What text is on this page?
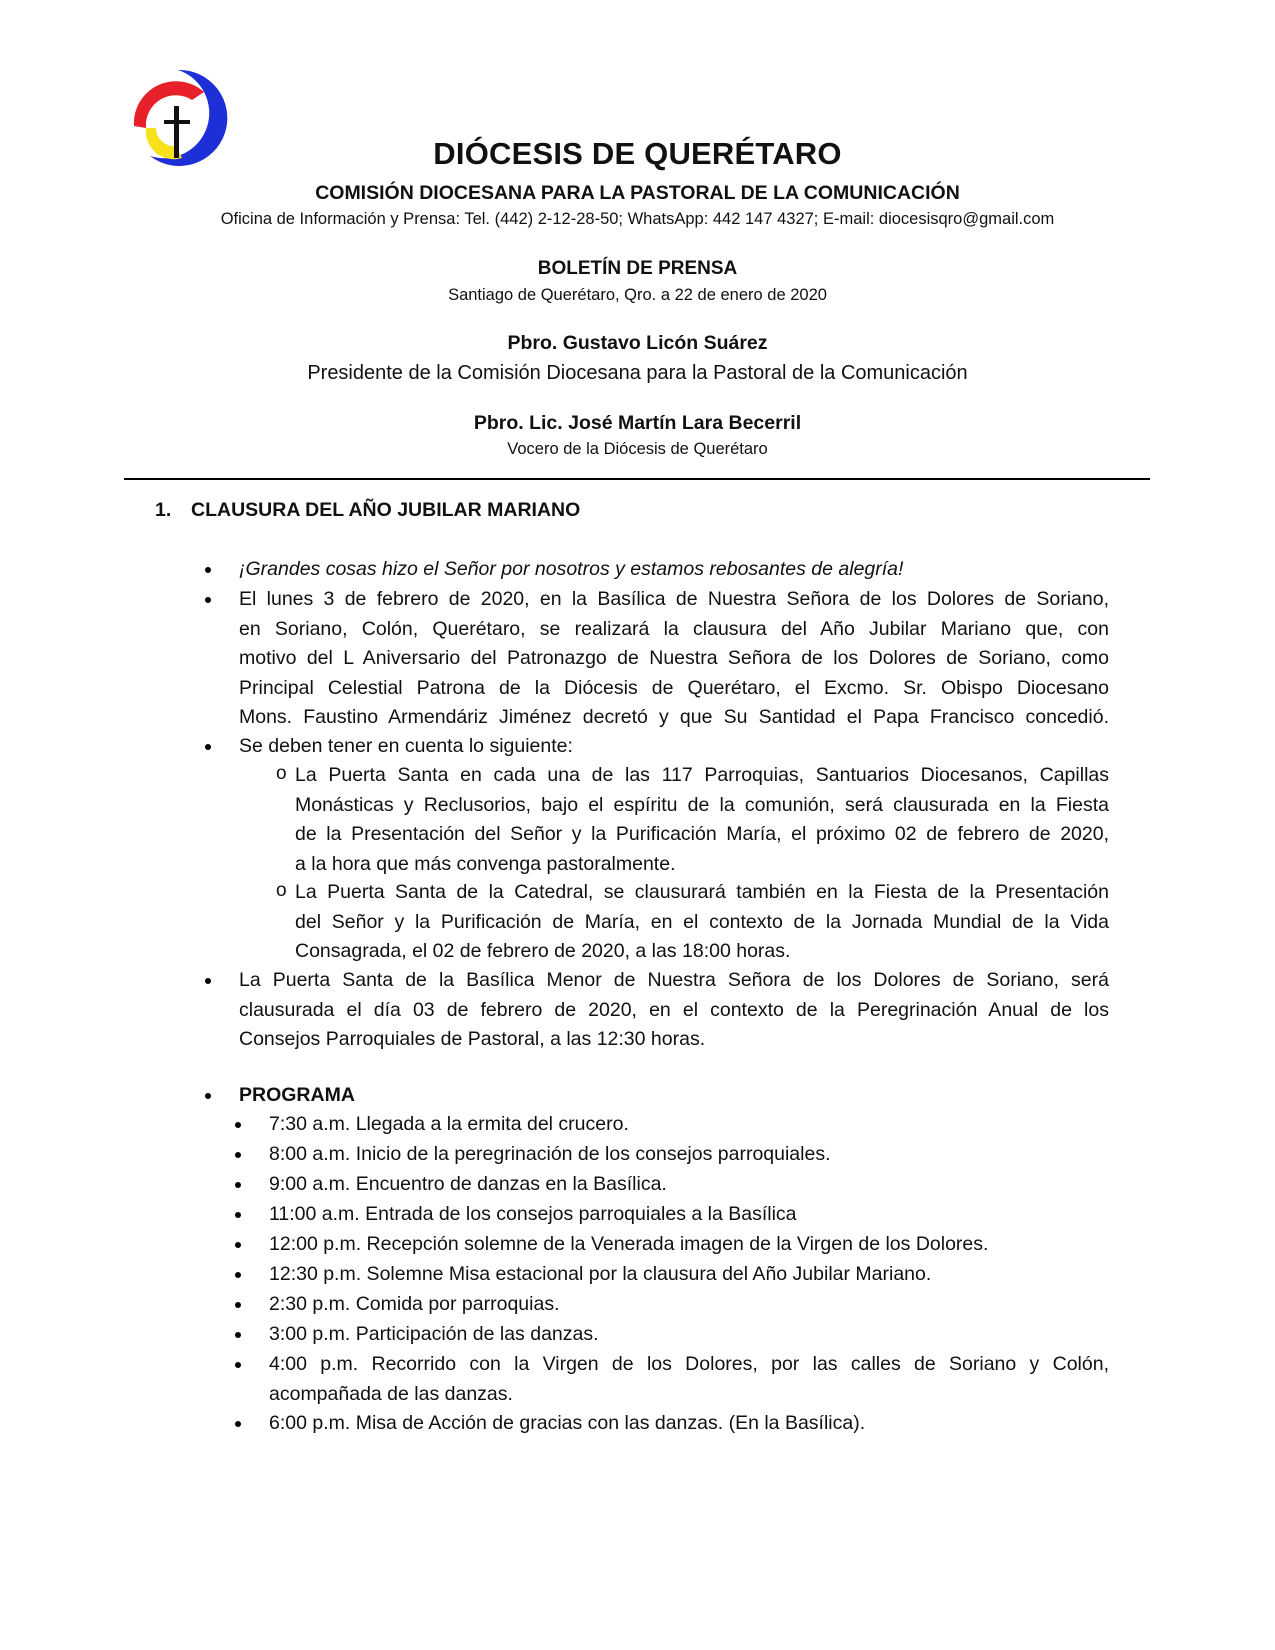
DIÓCESIS DE QUERÉTARO
COMISIÓN DIOCESANA PARA LA PASTORAL DE LA COMUNICACIÓN
Oficina de Información y Prensa: Tel. (442) 2-12-28-50; WhatsApp: 442 147 4327; E-mail: diocesisqro@gmail.com
BOLETÍN DE PRENSA
Santiago de Querétaro, Qro. a 22 de enero de 2020
Pbro. Gustavo Licón Suárez
Presidente de la Comisión Diocesana para la Pastoral de la Comunicación
Pbro. Lic. José Martín Lara Becerril
Vocero de la Diócesis de Querétaro
1. CLAUSURA DEL AÑO JUBILAR MARIANO
¡Grandes cosas hizo el Señor por nosotros y estamos rebosantes de alegría!
El lunes 3 de febrero de 2020, en la Basílica de Nuestra Señora de los Dolores de Soriano,
en Soriano, Colón, Querétaro, se realizará la clausura del Año Jubilar Mariano que, con
motivo del L Aniversario del Patronazgo de Nuestra Señora de los Dolores de Soriano, como
Principal Celestial Patrona de la Diócesis de Querétaro, el Excmo. Sr. Obispo Diocesano
Mons. Faustino Armendáriz Jiménez decretó y que Su Santidad el Papa Francisco concedió.
Se deben tener en cuenta lo siguiente:
o La Puerta Santa en cada una de las 117 Parroquias, Santuarios Diocesanos, Capillas
Monásticas y Reclusorios, bajo el espíritu de la comunión, será clausurada en la Fiesta
de la Presentación del Señor y la Purificación María, el próximo 02 de febrero de 2020,
a la hora que más convenga pastoralmente.
o La Puerta Santa de la Catedral, se clausurará también en la Fiesta de la Presentación
del Señor y la Purificación de María, en el contexto de la Jornada Mundial de la Vida
Consagrada, el 02 de febrero de 2020, a las 18:00 horas.
La Puerta Santa de la Basílica Menor de Nuestra Señora de los Dolores de Soriano, será
clausurada el día 03 de febrero de 2020, en el contexto de la Peregrinación Anual de los
Consejos Parroquiales de Pastoral, a las 12:30 horas.
PROGRAMA
7:30 a.m. Llegada a la ermita del crucero.
8:00 a.m. Inicio de la peregrinación de los consejos parroquiales.
9:00 a.m. Encuentro de danzas en la Basílica.
11:00 a.m. Entrada de los consejos parroquiales a la Basílica
12:00 p.m. Recepción solemne de la Venerada imagen de la Virgen de los Dolores.
12:30 p.m. Solemne Misa estacional por la clausura del Año Jubilar Mariano.
2:30 p.m. Comida por parroquias.
3:00 p.m. Participación de las danzas.
4:00 p.m. Recorrido con la Virgen de los Dolores, por las calles de Soriano y Colón,
acompañada de las danzas.
6:00 p.m. Misa de Acción de gracias con las danzas. (En la Basílica).
